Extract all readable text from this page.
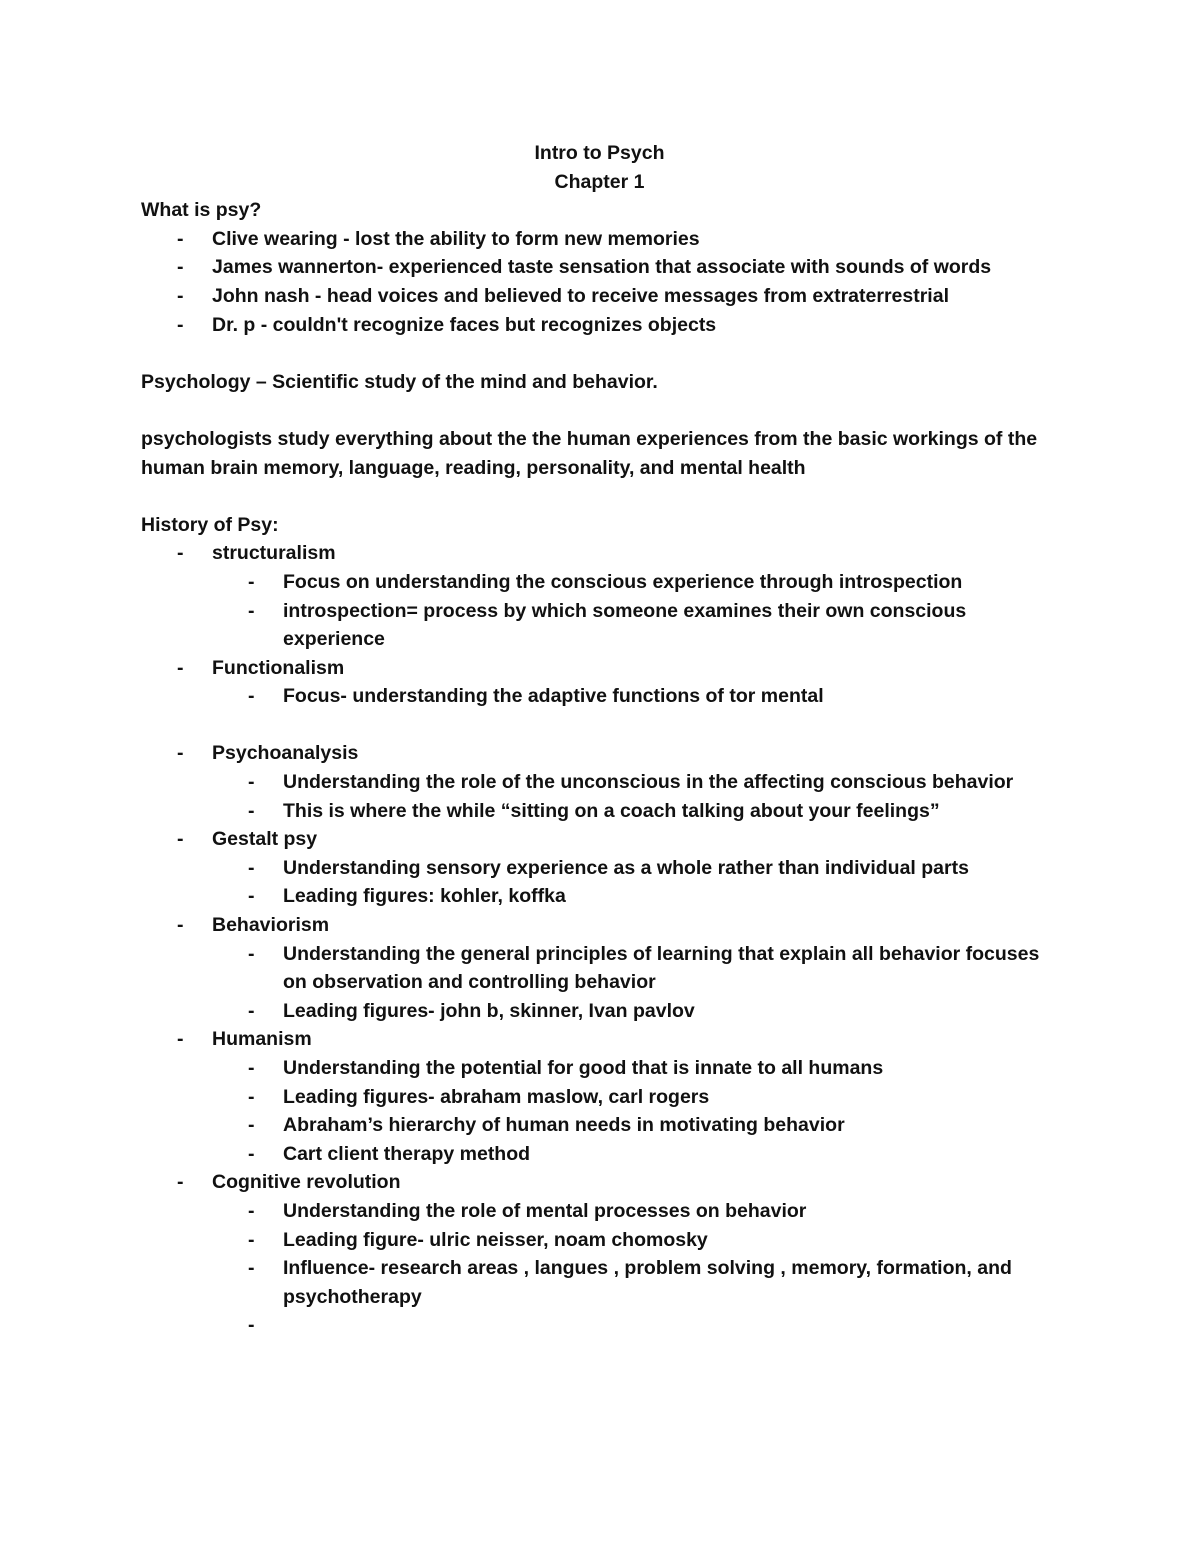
Intro to Psych

Chapter 1

What is psy?

- Clive wearing - lost the ability to form new memories
- James wannerton- experienced taste sensation that associate with sounds of words
- John nash - head voices and believed to receive messages from extraterrestrial
- Dr. p - couldn't recognize faces but recognizes objects

Psychology – Scientific study of the mind and behavior.

psychologists study everything about the the human experiences from the basic workings of the human brain memory, language, reading, personality, and mental health

History of Psy:

- structuralism
- Focus on understanding the conscious experience through introspection
- introspection= process by which someone examines their own conscious experience
- Functionalism
- Focus- understanding the adaptive functions of tor mental
- Psychoanalysis
- Understanding the role of the unconscious in the affecting conscious behavior
- This is where the while “sitting on a coach talking about your feelings”
- Gestalt psy
- Understanding sensory experience as a whole rather than individual parts
- Leading figures: kohler, koffka
- Behaviorism
- Understanding the general principles of learning that explain all behavior focuses on observation and controlling behavior
- Leading figures- john b, skinner, Ivan pavlov
- Humanism
- Understanding the potential for good that is innate to all humans
- Leading figures- abraham maslow, carl rogers
- Abraham’s hierarchy of human needs in motivating behavior
- Cart client therapy method
- Cognitive revolution
- Understanding the role of mental processes on behavior
- Leading figure- ulric neisser, noam chomosky
- Influence- research areas , langues , problem solving , memory, formation, and psychotherapy
-
